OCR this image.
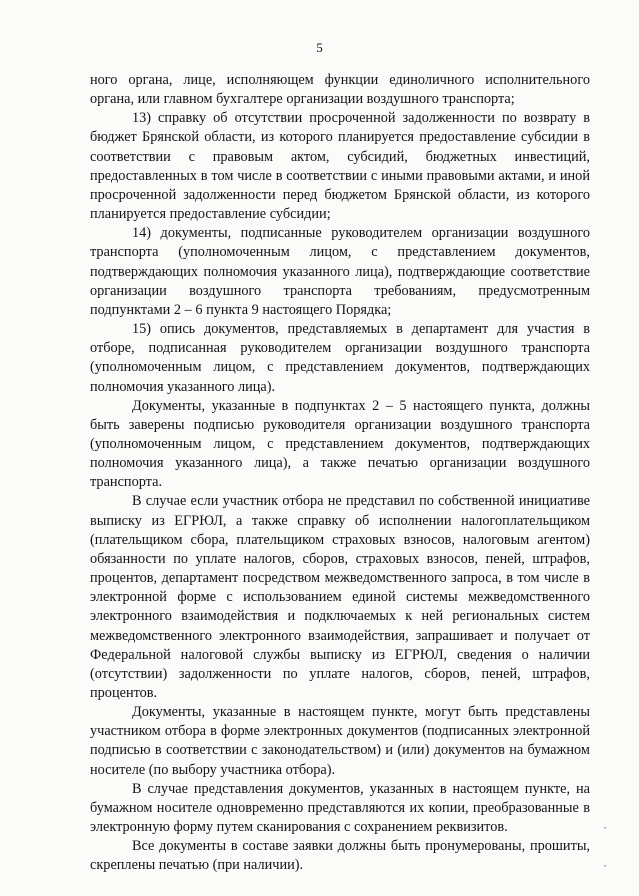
5

ного органа, лице, исполняющем функции единоличного исполнительного органа, или главном бухгалтере организации воздушного транспорта;

13) справку об отсутствии просроченной задолженности по возврату в бюджет Брянской области, из которого планируется предоставление субсидии в соответствии с правовым актом, субсидий, бюджетных инвестиций, предоставленных в том числе в соответствии с иными правовыми актами, и иной просроченной задолженности перед бюджетом Брянской области, из которого планируется предоставление субсидии;

14) документы, подписанные руководителем организации воздушного транспорта (уполномоченным лицом, с представлением документов, подтверждающих полномочия указанного лица), подтверждающие соответствие организации воздушного транспорта требованиям, предусмотренным подпунктами 2 – 6 пункта 9 настоящего Порядка;

15) опись документов, представляемых в департамент для участия в отборе, подписанная руководителем организации воздушного транспорта (уполномоченным лицом, с представлением документов, подтверждающих полномочия указанного лица).

Документы, указанные в подпунктах 2 – 5 настоящего пункта, должны быть заверены подписью руководителя организации воздушного транспорта (уполномоченным лицом, с представлением документов, подтверждающих полномочия указанного лица), а также печатью организации воздушного транспорта.

В случае если участник отбора не представил по собственной инициативе выписку из ЕГРЮЛ, а также справку об исполнении налогоплательщиком (плательщиком сбора, плательщиком страховых взносов, налоговым агентом) обязанности по уплате налогов, сборов, страховых взносов, пеней, штрафов, процентов, департамент посредством межведомственного запроса, в том числе в электронной форме с использованием единой системы межведомственного электронного взаимодействия и подключаемых к ней региональных систем межведомственного электронного взаимодействия, запрашивает и получает от Федеральной налоговой службы выписку из ЕГРЮЛ, сведения о наличии (отсутствии) задолженности по уплате налогов, сборов, пеней, штрафов, процентов.

Документы, указанные в настоящем пункте, могут быть представлены участником отбора в форме электронных документов (подписанных электронной подписью в соответствии с законодательством) и (или) документов на бумажном носителе (по выбору участника отбора).

В случае представления документов, указанных в настоящем пункте, на бумажном носителе одновременно представляются их копии, преобразованные в электронную форму путем сканирования с сохранением реквизитов.

Все документы в составе заявки должны быть пронумерованы, прошиты, скреплены печатью (при наличии).

·
·
